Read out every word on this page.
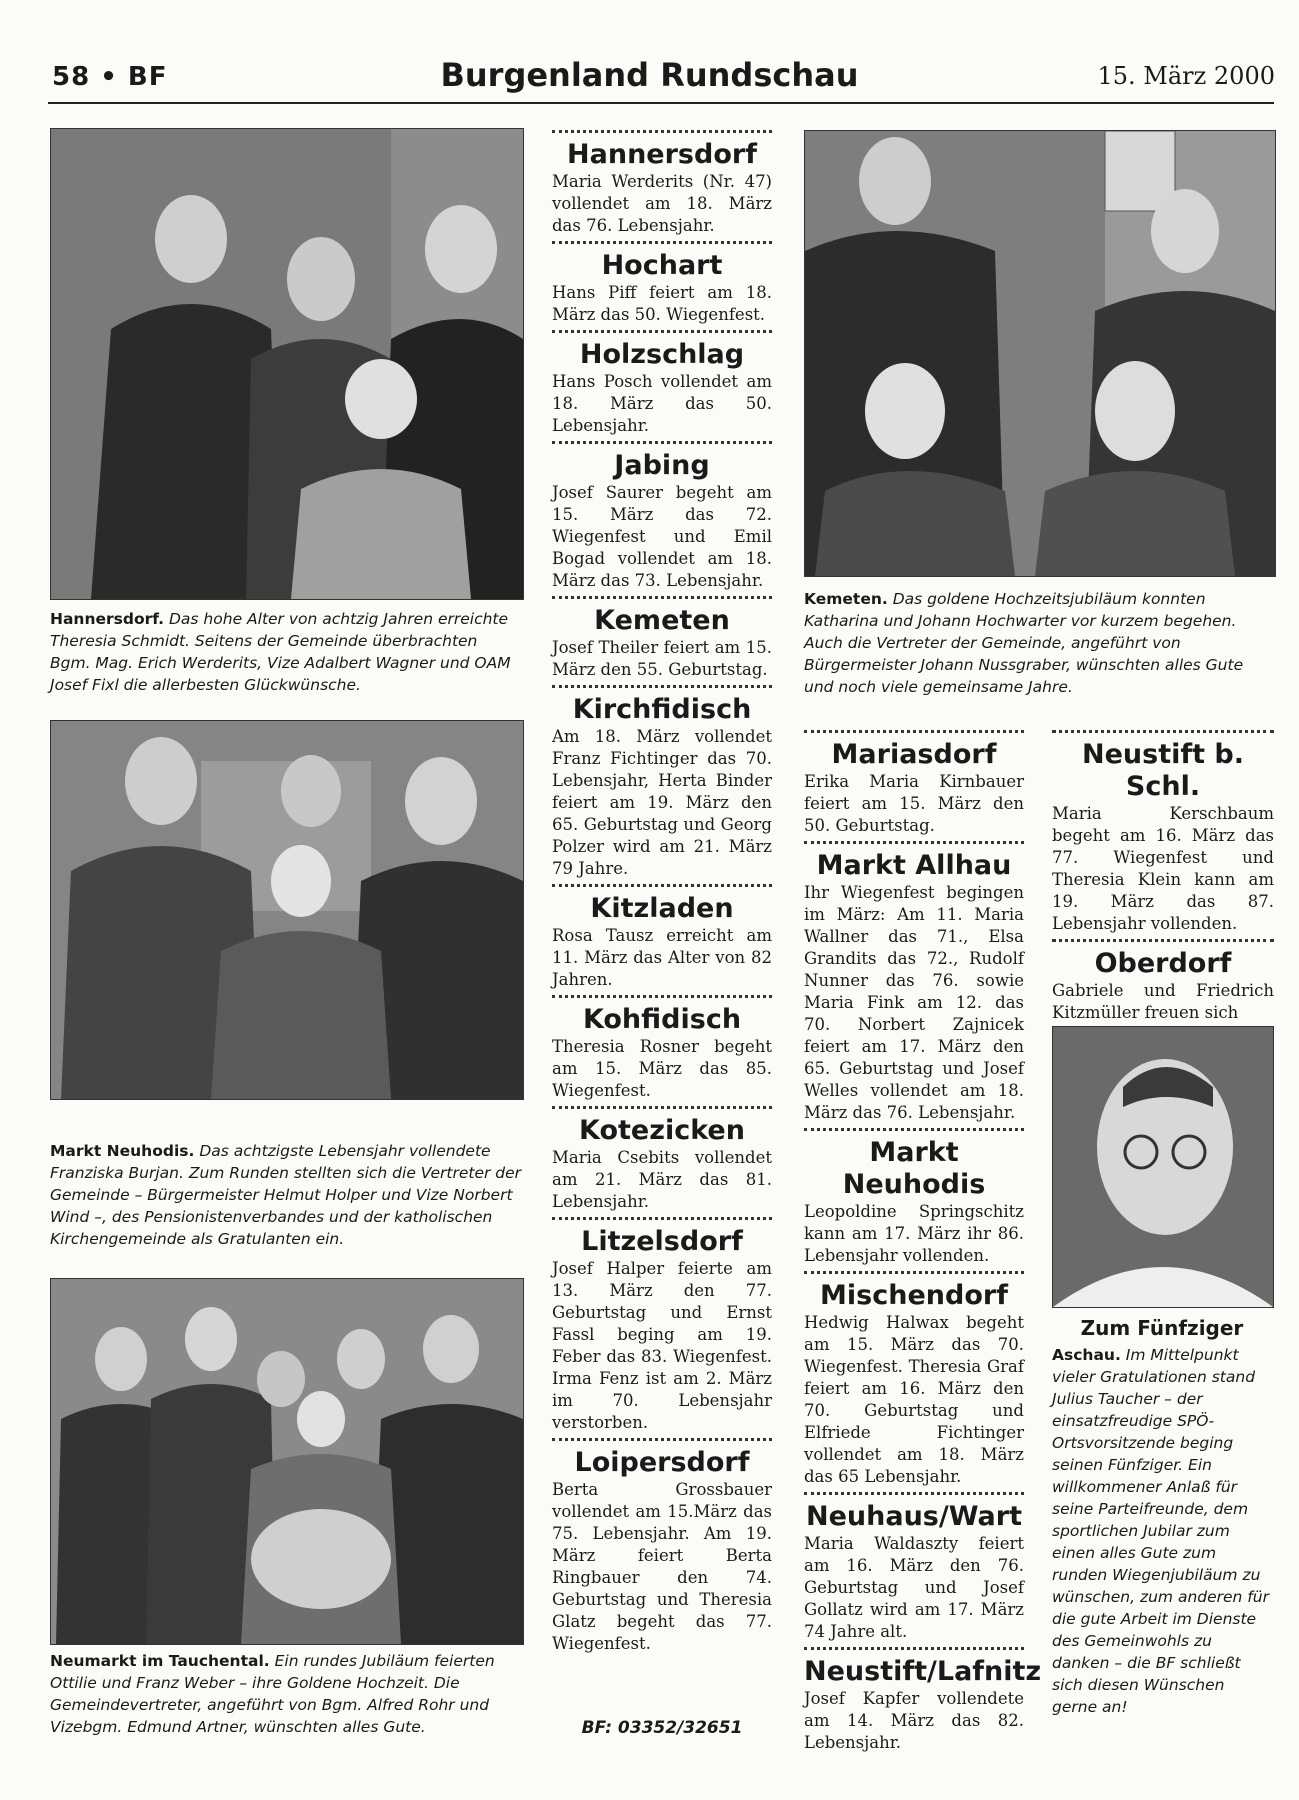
58 • BF	Burgenland Rundschau	15. März 2000
Hannersdorf. Das hohe Alter von achtzig Jahren erreichte Theresia Schmidt. Seitens der Gemeinde überbrachten Bgm. Mag. Erich Werderits, Vize Adalbert Wagner und OAM Josef Fixl die allerbesten Glückwünsche.
Markt Neuhodis. Das achtzigste Lebensjahr vollendete Franziska Burjan. Zum Runden stellten sich die Vertreter der Gemeinde – Bürgermeister Helmut Holper und Vize Norbert Wind –, des Pensionistenverbandes und der katholischen Kirchengemeinde als Gratulanten ein.
Neumarkt im Tauchental. Ein rundes Jubiläum feierten Ottilie und Franz Weber – ihre Goldene Hochzeit. Die Gemeindevertreter, angeführt von Bgm. Alfred Rohr und Vizebgm. Edmund Artner, wünschten alles Gute.
Hannersdorf

Maria Werderits (Nr. 47) vollendet am 18. März das 76. Lebensjahr.

Hochart

Hans Piff feiert am 18. März das 50. Wiegenfest.

Holzschlag

Hans Posch vollendet am 18. März das 50. Lebensjahr.

Jabing

Josef Saurer begeht am 15. März das 72. Wiegenfest und Emil Bogad vollendet am 18. März das 73. Lebensjahr.

Kemeten

Josef Theiler feiert am 15. März den 55. Geburtstag.

Kirchfidisch

Am 18. März vollendet Franz Fichtinger das 70. Lebensjahr, Herta Binder feiert am 19. März den 65. Geburtstag und Georg Polzer wird am 21. März 79 Jahre.

Kitzladen

Rosa Tausz erreicht am 11. März das Alter von 82 Jahren.

Kohfidisch

Theresia Rosner begeht am 15. März das 85. Wiegenfest.

Kotezicken

Maria Csebits vollendet am 21. März das 81. Lebensjahr.

Litzelsdorf

Josef Halper feierte am 13. März den 77. Geburtstag und Ernst Fassl beging am 19. Feber das 83. Wiegenfest. Irma Fenz ist am 2. März im 70. Lebensjahr verstorben.

Loipersdorf

Berta Grossbauer vollendet am 15.März das 75. Lebensjahr. Am 19. März feiert Berta Ringbauer den 74. Geburtstag und Theresia Glatz begeht das 77. Wiegenfest.

BF: 03352/32651
Kemeten. Das goldene Hochzeitsjubiläum konnten Katharina und Johann Hochwarter vor kurzem begehen. Auch die Vertreter der Gemeinde, angeführt von Bürgermeister Johann Nussgraber, wünschten alles Gute und noch viele gemeinsame Jahre.
Mariasdorf

Erika Maria Kirnbauer feiert am 15. März den 50. Geburtstag.

Markt Allhau

Ihr Wiegenfest begingen im März: Am 11. Maria Wallner das 71., Elsa Grandits das 72., Rudolf Nunner das 76. sowie Maria Fink am 12. das 70. Norbert Zajnicek feiert am 17. März den 65. Geburtstag und Josef Welles vollendet am 18. März das 76. Lebensjahr.

Markt Neuhodis

Leopoldine Springschitz kann am 17. März ihr 86. Lebensjahr vollenden.

Mischendorf

Hedwig Halwax begeht am 15. März das 70. Wiegenfest. Theresia Graf feiert am 16. März den 70. Geburtstag und Elfriede Fichtinger vollendet am 18. März das 65 Lebensjahr.

Neuhaus/Wart

Maria Waldaszty feiert am 16. März den 76. Geburtstag und Josef Gollatz wird am 17. März 74 Jahre alt.

Neustift/Lafnitz

Josef Kapfer vollendete am 14. März das 82. Lebensjahr.

Neustift b. Schl.

Maria Kerschbaum begeht am 16. März das 77. Wiegenfest und Theresia Klein kann am 19. März das 87. Lebensjahr vollenden.

Oberdorf

Gabriele und Friedrich Kitzmüller freuen sich

Zum Fünfziger
Aschau. Im Mittelpunkt vieler Gratulationen stand Julius Taucher – der einsatzfreudige SPÖ-Ortsvorsitzende beging seinen Fünfziger. Ein willkommener Anlaß für seine Parteifreunde, dem sportlichen Jubilar zum einen alles Gute zum runden Wiegenjubiläum zu wünschen, zum anderen für die gute Arbeit im Dienste des Gemeinwohls zu danken – die BF schließt sich diesen Wünschen gerne an!
